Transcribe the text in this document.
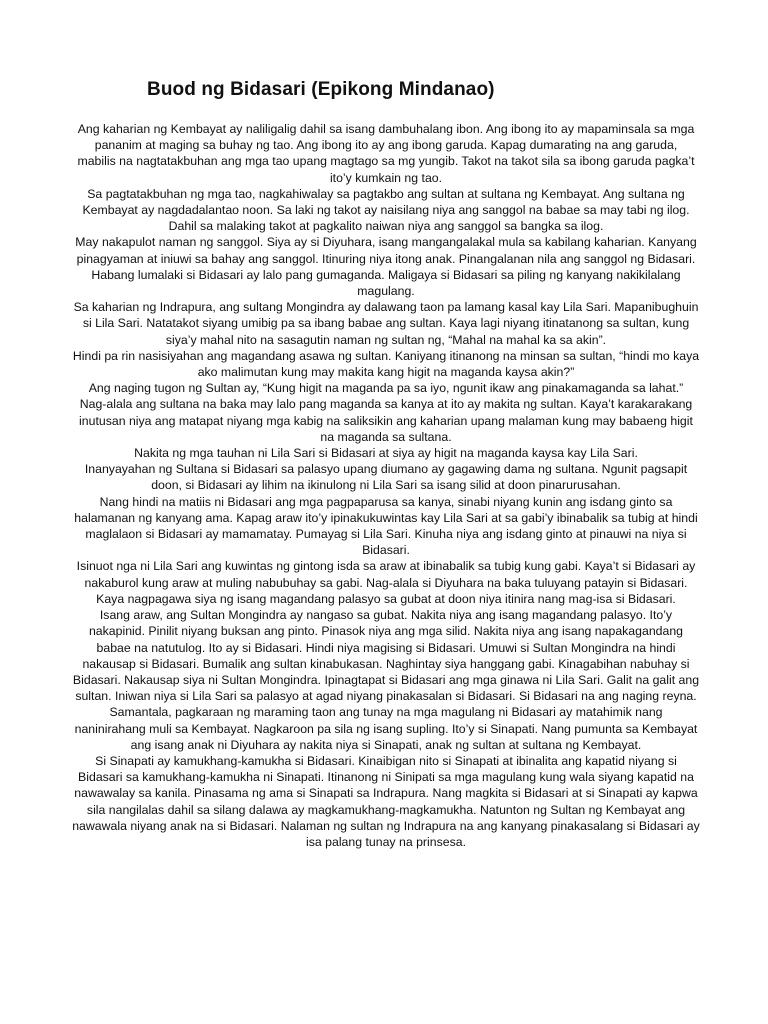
Buod ng Bidasari (Epikong Mindanao)
Ang kaharian ng Kembayat ay naliligalig dahil sa isang dambuhalang ibon. Ang ibong ito ay mapaminsala sa mga
pananim at maging sa buhay ng tao. Ang ibong ito ay ang ibong garuda. Kapag dumarating na ang garuda,
mabilis na nagtatakbuhan ang mga tao upang magtago sa mg yungib. Takot na takot sila sa ibong garuda pagka’t
ito’y kumkain ng tao.
Sa pagtatakbuhan ng mga tao, nagkahiwalay sa pagtakbo ang sultan at sultana ng Kembayat. Ang sultana ng
Kembayat ay nagdadalantao noon. Sa laki ng takot ay naisilang niya ang sanggol na babae sa may tabi ng ilog.
Dahil sa malaking takot at pagkalito naiwan niya ang sanggol sa bangka sa ilog.
May nakapulot naman ng sanggol. Siya ay si Diyuhara, isang mangangalakal mula sa kabilang kaharian. Kanyang
pinagyaman at iniuwi sa bahay ang sanggol. Itinuring niya itong anak. Pinangalanan nila ang sanggol ng Bidasari.
Habang lumalaki si Bidasari ay lalo pang gumaganda. Maligaya si Bidasari sa piling ng kanyang nakikilalang
magulang.
Sa kaharian ng Indrapura, ang sultang Mongindra ay dalawang taon pa lamang kasal kay Lila Sari. Mapanibughuin
si Lila Sari. Natatakot siyang umibig pa sa ibang babae ang sultan. Kaya lagi niyang itinatanong sa sultan, kung
siya’y mahal nito na sasagutin naman ng sultan ng, “Mahal na mahal ka sa akin”.
Hindi pa rin nasisiyahan ang magandang asawa ng sultan. Kaniyang itinanong na minsan sa sultan, “hindi mo kaya
ako malimutan kung may makita kang higit na maganda kaysa akin?”
Ang naging tugon ng Sultan ay, “Kung higit na maganda pa sa iyo, ngunit ikaw ang pinakamaganda sa lahat.”
Nag-alala ang sultana na baka may lalo pang maganda sa kanya at ito ay makita ng sultan. Kaya’t karakarakang
inutusan niya ang matapat niyang mga kabig na saliksikin ang kaharian upang malaman kung may babaeng higit
na maganda sa sultana.
Nakita ng mga tauhan ni Lila Sari si Bidasari at siya ay higit na maganda kaysa kay Lila Sari.
Inanyayahan ng Sultana si Bidasari sa palasyo upang diumano ay gagawing dama ng sultana. Ngunit pagsapit
doon, si Bidasari ay lihim na ikinulong ni Lila Sari sa isang silid at doon pinarurusahan.
Nang hindi na matiis ni Bidasari ang mga pagpaparusa sa kanya, sinabi niyang kunin ang isdang ginto sa
halamanan ng kanyang ama. Kapag araw ito’y ipinakukuwintas kay Lila Sari at sa gabi’y ibinabalik sa tubig at hindi
maglalaon si Bidasari ay mamamatay. Pumayag si Lila Sari. Kinuha niya ang isdang ginto at pinauwi na niya si
Bidasari.
Isinuot nga ni Lila Sari ang kuwintas ng gintong isda sa araw at ibinabalik sa tubig kung gabi. Kaya’t si Bidasari ay
nakaburol kung araw at muling nabubuhay sa gabi. Nag-alala si Diyuhara na baka tuluyang patayin si Bidasari.
Kaya nagpagawa siya ng isang magandang palasyo sa gubat at doon niya itinira nang mag-isa si Bidasari.
Isang araw, ang Sultan Mongindra ay nangaso sa gubat. Nakita niya ang isang magandang palasyo. Ito’y
nakapinid. Pinilit niyang buksan ang pinto. Pinasok niya ang mga silid. Nakita niya ang isang napakagandang
babae na natutulog. Ito ay si Bidasari. Hindi niya magising si Bidasari. Umuwi si Sultan Mongindra na hindi
nakausap si Bidasari. Bumalik ang sultan kinabukasan. Naghintay siya hanggang gabi. Kinagabihan nabuhay si
Bidasari. Nakausap siya ni Sultan Mongindra. Ipinagtapat si Bidasari ang mga ginawa ni Lila Sari. Galit na galit ang
sultan. Iniwan niya si Lila Sari sa palasyo at agad niyang pinakasalan si Bidasari. Si Bidasari na ang naging reyna.
Samantala, pagkaraan ng maraming taon ang tunay na mga magulang ni Bidasari ay matahimik nang
naninirahang muli sa Kembayat. Nagkaroon pa sila ng isang supling. Ito’y si Sinapati. Nang pumunta sa Kembayat
ang isang anak ni Diyuhara ay nakita niya si Sinapati, anak ng sultan at sultana ng Kembayat.
Si Sinapati ay kamukhang-kamukha si Bidasari. Kinaibigan nito si Sinapati at ibinalita ang kapatid niyang si
Bidasari sa kamukhang-kamukha ni Sinapati. Itinanong ni Sinipati sa mga magulang kung wala siyang kapatid na
nawawalay sa kanila. Pinasama ng ama si Sinapati sa Indrapura. Nang magkita si Bidasari at si Sinapati ay kapwa
sila nangilalas dahil sa silang dalawa ay magkamukhang-magkamukha. Natunton ng Sultan ng Kembayat ang
nawawala niyang anak na si Bidasari. Nalaman ng sultan ng Indrapura na ang kanyang pinakasalang si Bidasari ay
isa palang tunay na prinsesa.
